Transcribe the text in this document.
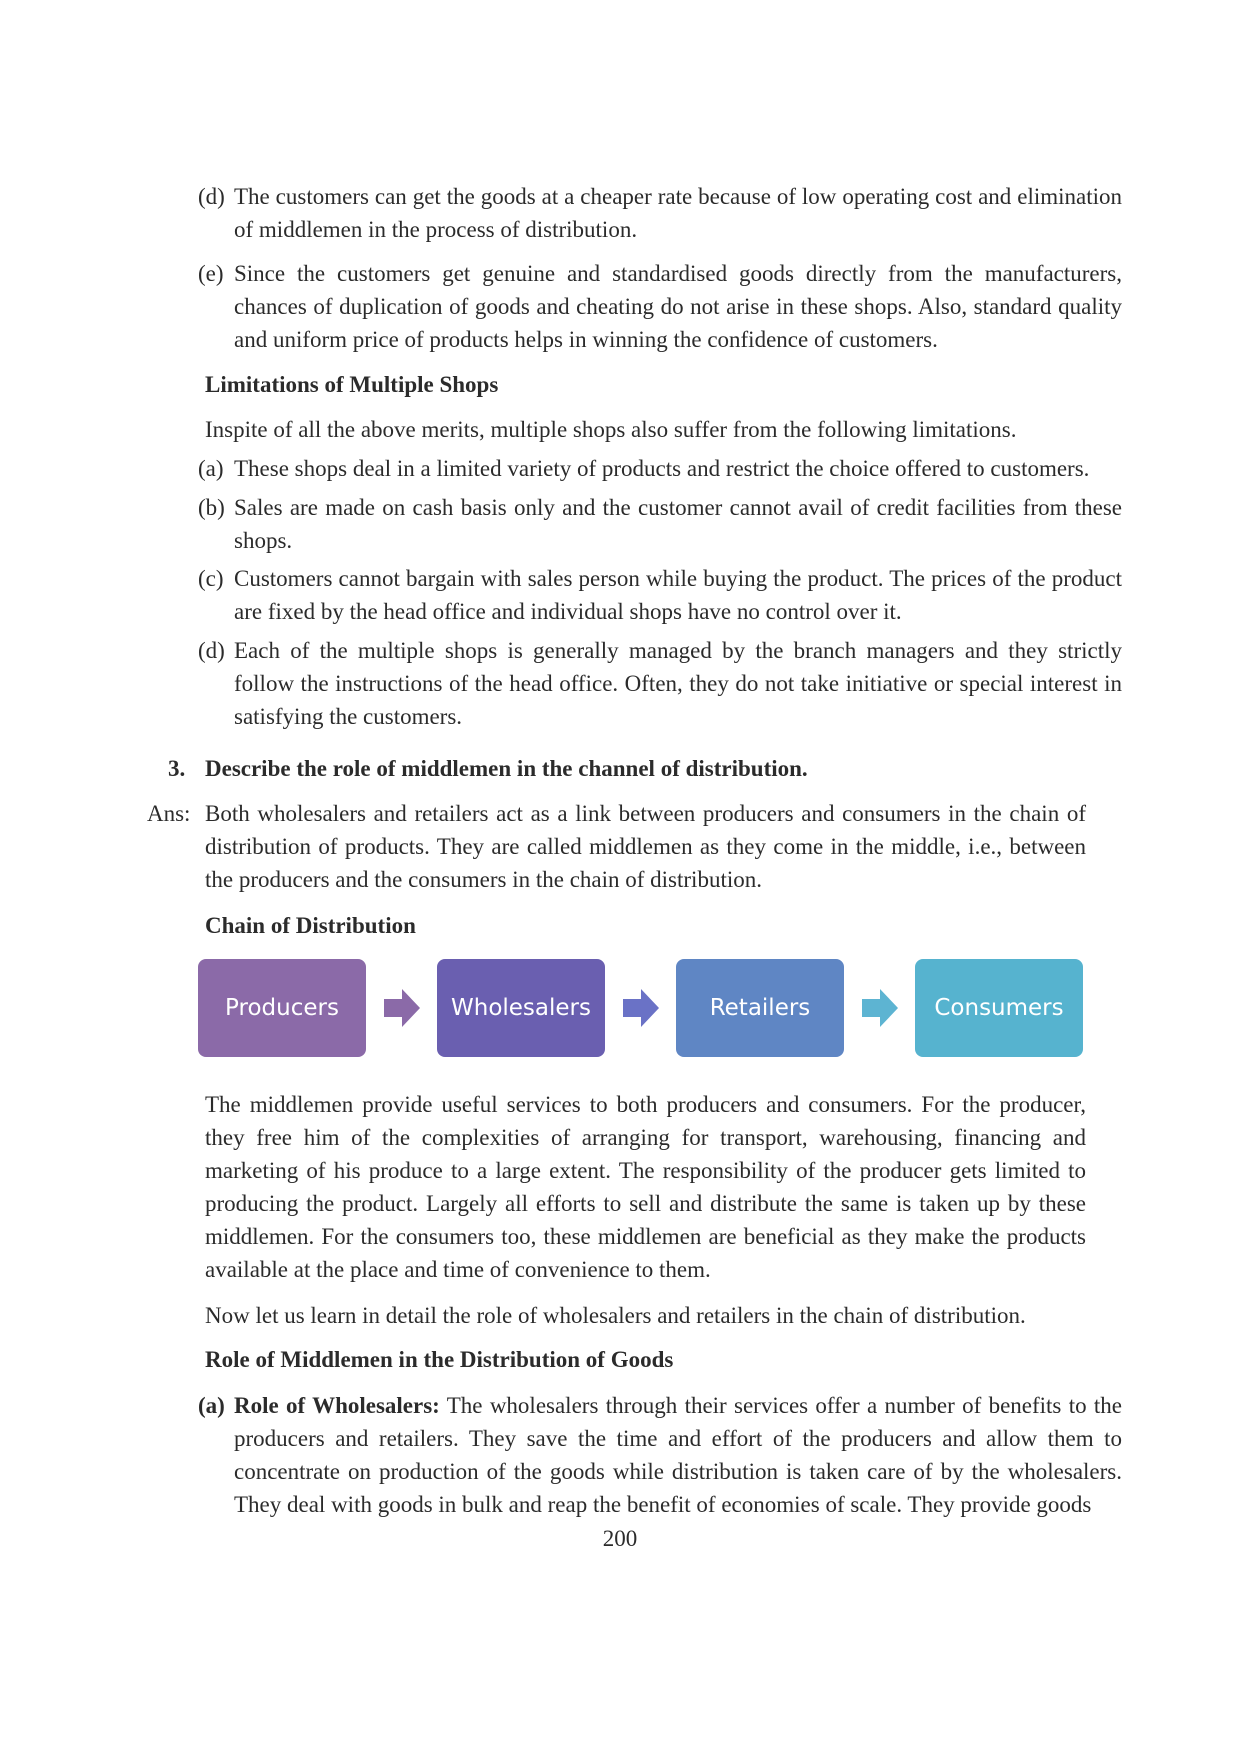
(d) The customers can get the goods at a cheaper rate because of low operating cost and elimination of middlemen in the process of distribution.
(e) Since the customers get genuine and standardised goods directly from the manufacturers, chances of duplication of goods and cheating do not arise in these shops. Also, standard quality and uniform price of products helps in winning the confidence of customers.
Limitations of Multiple Shops
Inspite of all the above merits, multiple shops also suffer from the following limitations.
(a) These shops deal in a limited variety of products and restrict the choice offered to customers.
(b) Sales are made on cash basis only and the customer cannot avail of credit facilities from these shops.
(c) Customers cannot bargain with sales person while buying the product. The prices of the product are fixed by the head office and individual shops have no control over it.
(d) Each of the multiple shops is generally managed by the branch managers and they strictly follow the instructions of the head office. Often, they do not take initiative or special interest in satisfying the customers.
3. Describe the role of middlemen in the channel of distribution.
Ans: Both wholesalers and retailers act as a link between producers and consumers in the chain of distribution of products. They are called middlemen as they come in the middle, i.e., between the producers and the consumers in the chain of distribution.
Chain of Distribution
Producers	Wholesalers	Retailers	Consumers
The middlemen provide useful services to both producers and consumers. For the producer, they free him of the complexities of arranging for transport, warehousing, financing and marketing of his produce to a large extent. The responsibility of the producer gets limited to producing the product. Largely all efforts to sell and distribute the same is taken up by these middlemen. For the consumers too, these middlemen are beneficial as they make the products available at the place and time of convenience to them.
Now let us learn in detail the role of wholesalers and retailers in the chain of distribution.
Role of Middlemen in the Distribution of Goods
(a) Role of Wholesalers: The wholesalers through their services offer a number of benefits to the producers and retailers. They save the time and effort of the producers and allow them to concentrate on production of the goods while distribution is taken care of by the wholesalers. They deal with goods in bulk and reap the benefit of economies of scale. They provide goods
200
